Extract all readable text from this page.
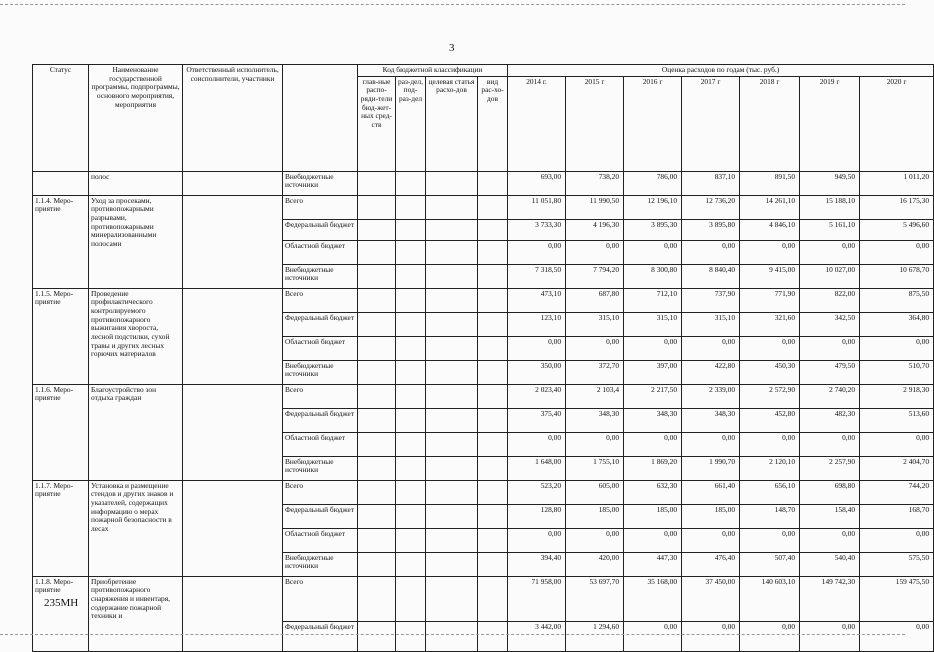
3
Статус	Наименование государственной программы, подпрограммы, основного мероприятия, мероприятия	Ответственный исполнитель, соисполнители, участники		Код бюджетной классификации				Оценка расходов по годам (тыс. руб.)						
				глав-ные распо-ряди-тели бюд-жет-ных сред-ств	раз-дел, под-раз-дел	целевая статья расхо-дов	вид рас-хо-дов	2014 г.	2015 г	2016 г	2017 г	2018 г	2019 г	2020 г
	полос		Внебюджетные источники					693,00	738,20	786,00	837,10	891,50	949,50	1 011,20
1.1.4. Меро-приятие	Уход за просеками, противопожарными разрывами, противопожарными минерализованными полосами		Всего					11 051,80	11 990,50	12 196,10	12 736,20	14 261,10	15 188,10	16 175,30
			Федеральный бюджет					3 733,30	4 196,30	3 895,30	3 895,80	4 846,10	5 161,10	5 496,60
			Областной бюджет					0,00	0,00	0,00	0,00	0,00	0,00	0,00
			Внебюджетные источники					7 318,50	7 794,20	8 300,80	8 840,40	9 415,00	10 027,00	10 678,70
1.1.5. Меро-приятие	Проведение профилактического контролируемого противопожарного выжигания хвороста, лесной подстилки, сухой травы и других лесных горючих материалов		Всего					473,10	687,80	712,10	737,90	771,90	822,00	875,50
			Федеральный бюджет					123,10	315,10	315,10	315,10	321,60	342,50	364,80
			Областной бюджет					0,00	0,00	0,00	0,00	0,00	0,00	0,00
			Внебюджетные источники					350,00	372,70	397,00	422,80	450,30	479,50	510,70
1.1.6. Меро-приятие	Благоустройство зон отдыха граждан		Всего					2 023,40	2 103,4	2 217,50	2 339,00	2 572,90	2 740,20	2 918,30
			Федеральный бюджет					375,40	348,30	348,30	348,30	452,80	482,30	513,60
			Областной бюджет					0,00	0,00	0,00	0,00	0,00	0,00	0,00
			Внебюджетные источники					1 648,00	1 755,10	1 869,20	1 990,70	2 120,10	2 257,90	2 404,70
1.1.7. Меро-приятие	Установка и размещение стендов и других знаков и указателей, содержащих информацию о мерах пожарной безопасности в лесах		Всего					523,20	605,00	632,30	661,40	656,10	698,80	744,20
			Федеральный бюджет					128,80	185,00	185,00	185,00	148,70	158,40	168,70
			Областной бюджет					0,00	0,00	0,00	0,00	0,00	0,00	0,00
			Внебюджетные источники					394,40	420,00	447,30	476,40	507,40	540,40	575,50
1.1.8. Меро-приятие	Приобретение противопожарного снаряжения и инвентаря, содержание пожарной техники и		Всего					71 958,00	53 697,70	35 168,00	37 450,00	140 603,10	149 742,30	159 475,50
			Федеральный бюджет					3 442,00	1 294,60	0,00	0,00	0,00	0,00	0,00
235МН
